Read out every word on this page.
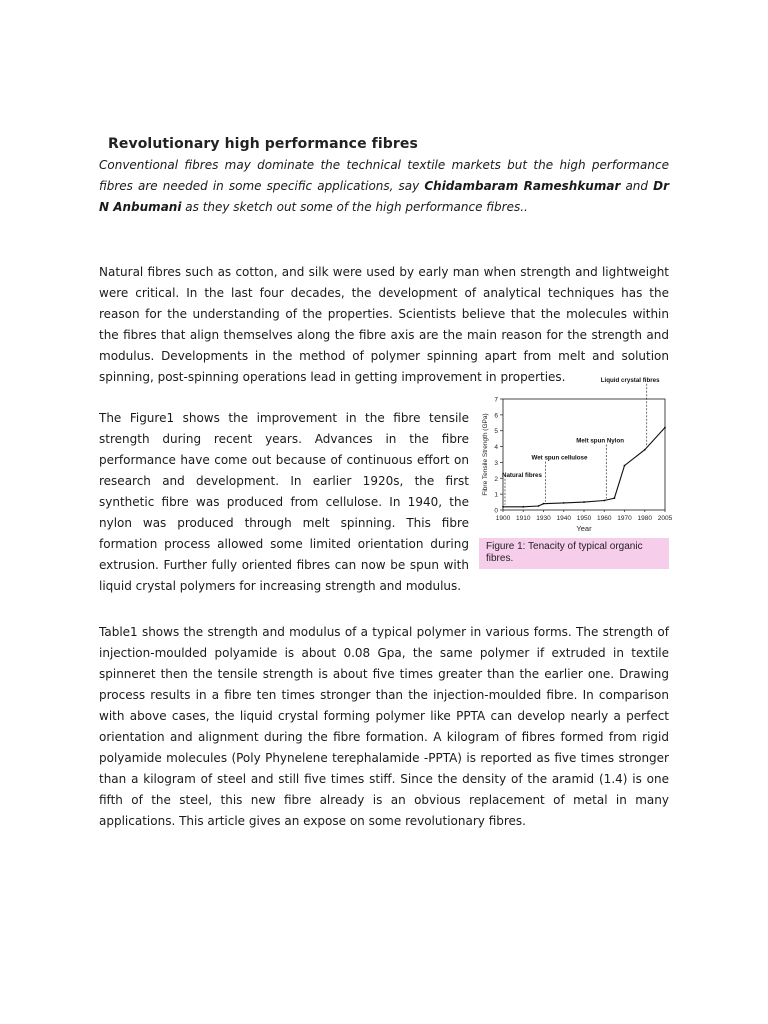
Revolutionary high performance fibres

Conventional fibres may dominate the technical textile markets but the high performance fibres are needed in some specific applications, say Chidambaram Rameshkumar and Dr N Anbumani as they sketch out some of the high performance fibres..

Natural fibres such as cotton, and silk were used by early man when strength and lightweight were critical. In the last four decades, the development of analytical techniques has the reason for the understanding of the properties. Scientists believe that the molecules within the fibres that align themselves along the fibre axis are the main reason for the strength and modulus. Developments in the method of polymer spinning apart from melt and solution spinning, post-spinning operations lead in getting improvement in properties.

The Figure1 shows the improvement in the fibre tensile strength during recent years. Advances in the fibre performance have come out because of continuous effort on research and development. In earlier 1920s, the first synthetic fibre was produced from cellulose. In 1940, the nylon was produced through melt spinning. This fibre formation process allowed some limited orientation during extrusion. Further fully oriented fibres can now be spun with liquid crystal polymers for increasing strength and modulus.

Table1 shows the strength and modulus of a typical polymer in various forms. The strength of injection-moulded polyamide is about 0.08 Gpa, the same polymer if extruded in textile spinneret then the tensile strength is about five times greater than the earlier one. Drawing process results in a fibre ten times stronger than the injection-moulded fibre. In comparison with above cases, the liquid crystal forming polymer like PPTA can develop nearly a perfect orientation and alignment during the fibre formation. A kilogram of fibres formed from rigid polyamide molecules (Poly Phynelene terephalamide -PPTA) is reported as five times stronger than a kilogram of steel and still five times stiff. Since the density of the aramid (1.4) is one fifth of the steel, this new fibre already is an obvious replacement of metal in many applications. This article gives an expose on some revolutionary fibres.

0
1
2
3
4
5
6
7
1900 1910 1930 1940 1950 1960 1970 1980 2005
Year
Fibre Tensile Strength (GPa) Natural fibres
Wet spun cellulose
Melt spun Nylon
Liquid crystal fibres
Figure 1: Tenacity of typical organic fibres.
